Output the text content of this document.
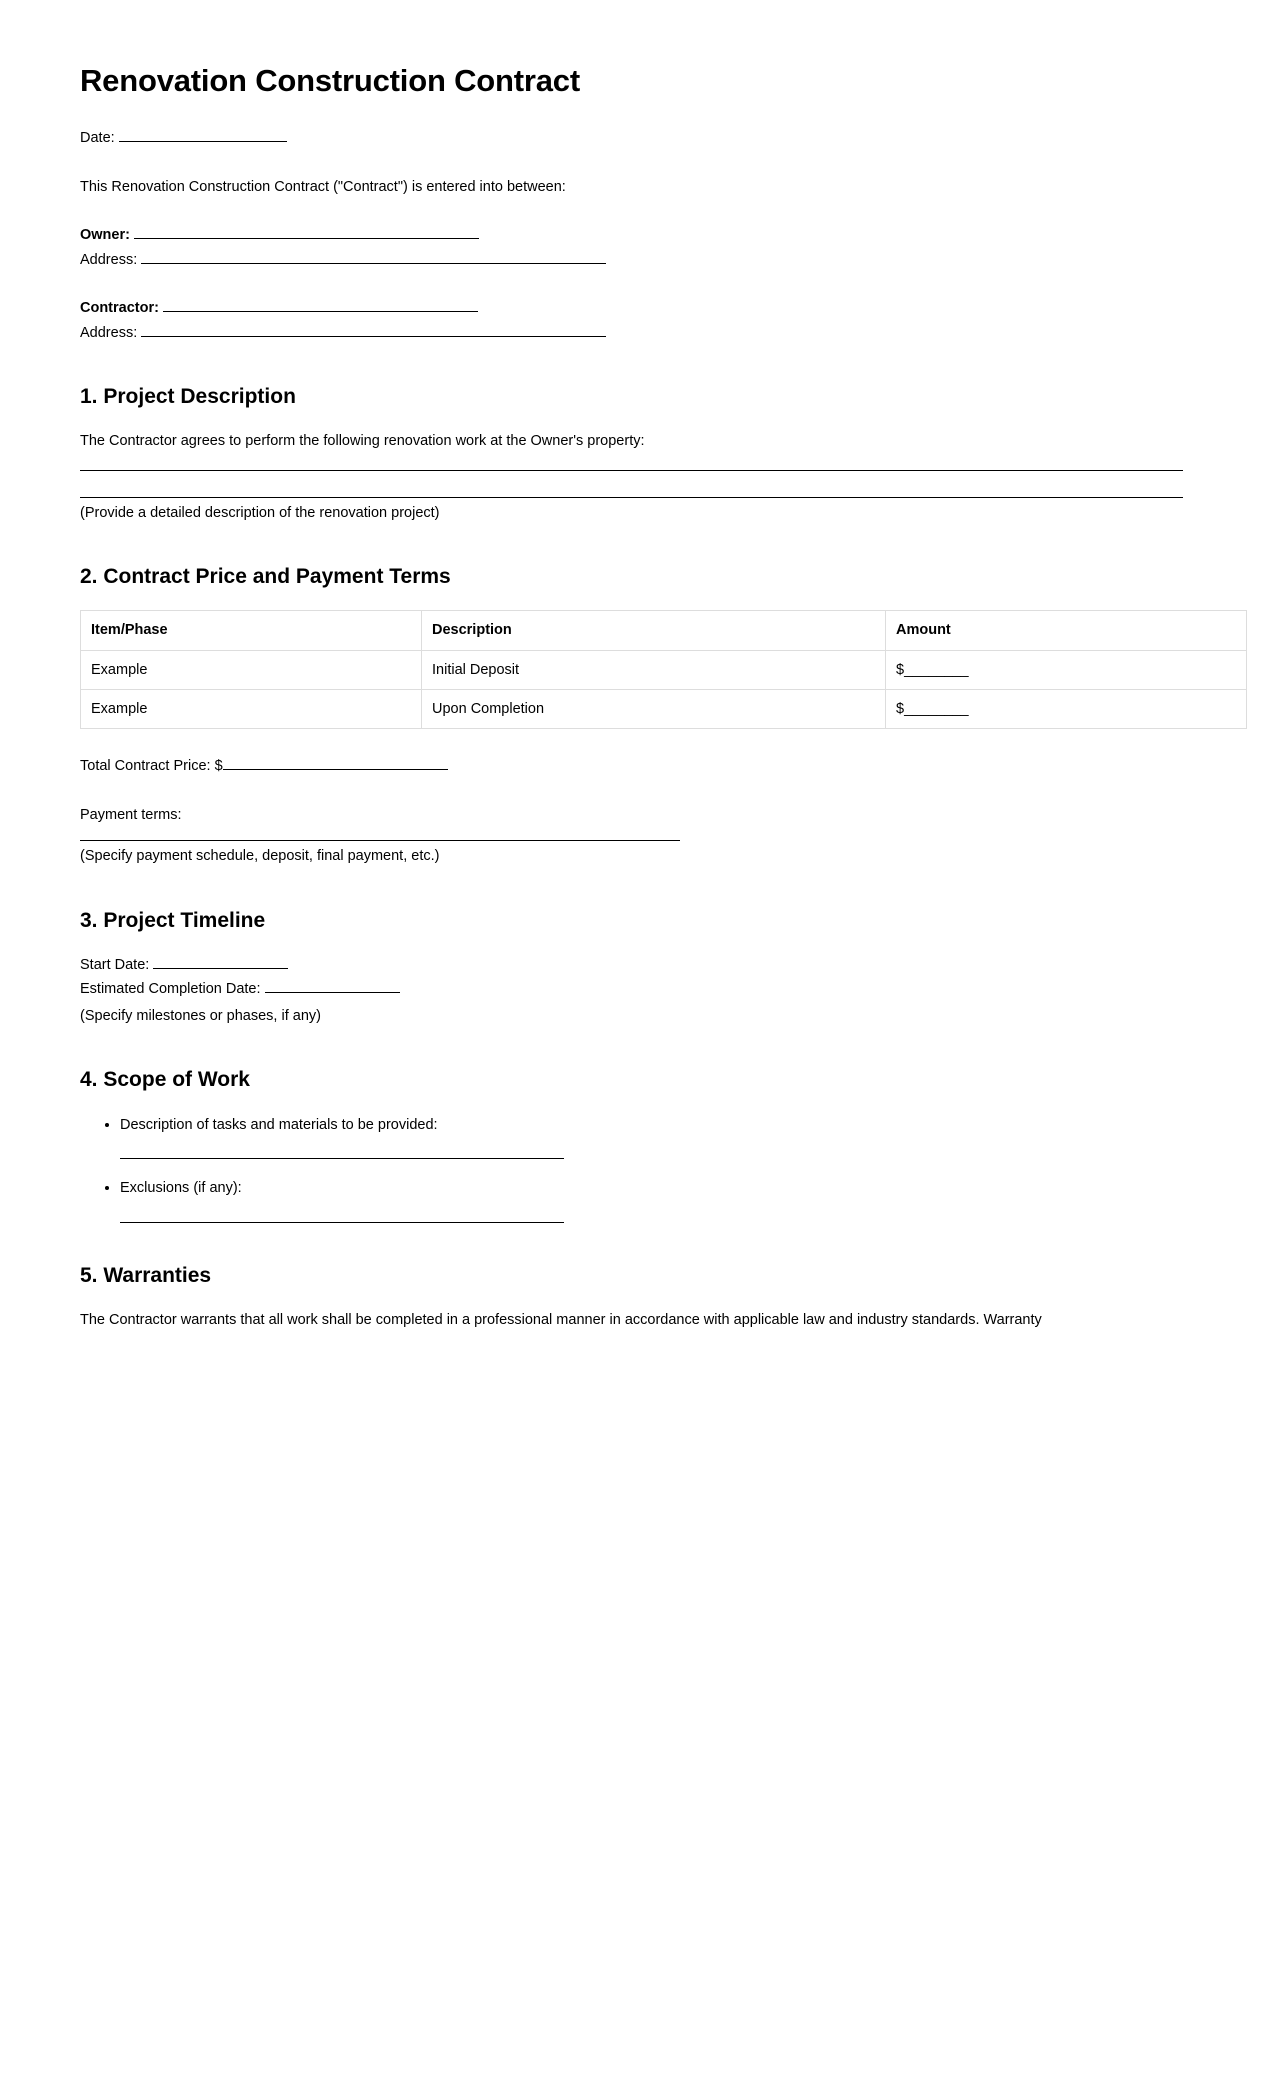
Renovation Construction Contract

Date:

This Renovation Construction Contract ("Contract") is entered into between:

Owner:

Address:

Contractor:

Address:

1. Project Description

The Contractor agrees to perform the following renovation work at the Owner's property:

(Provide a detailed description of the renovation project)

2. Contract Price and Payment Terms
Item/Phase	Description	Amount
Example	Initial Deposit	$________
Example	Upon Completion	$________

Total Contract Price: $

Payment terms:

(Specify payment schedule, deposit, final payment, etc.)

3. Project Timeline

Start Date:

Estimated Completion Date:

(Specify milestones or phases, if any)

4. Scope of Work
• Description of tasks and materials to be provided:
• Exclusions (if any):
5. Warranties

The Contractor warrants that all work shall be completed in a professional manner in accordance with applicable law and industry standards. Warranty
